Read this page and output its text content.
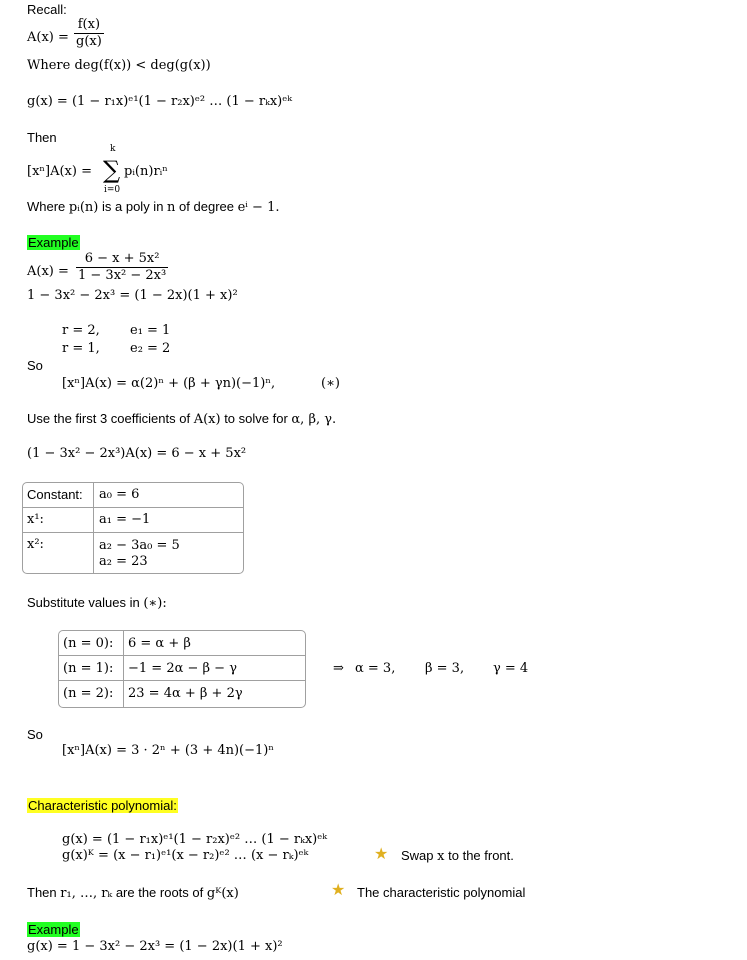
Recall:
$A(x) = \frac{f(x)}{g(x)}$
Where deg(f(x)) < deg(g(x))
g(x) = (1 − r₁x)ᵉ¹(1 − r₂x)ᵉ² … (1 − rₖx)ᵉᵏ
Then
[xⁿ]A(x) =
k
∑
i=0
pᵢ(n)rᵢⁿ
Where pᵢ(n) is a poly in n of degree eⁱ − 1.
Example
$A(x) = \frac{\text{6 − x + 5x²}}{\text{1 − 3x² − 2x³}}$
1 − 3x² − 2x³ = (1 − 2x)(1 + x)²
r = 2, e₁ = 1
r = 1, e₂ = 2
So
[xⁿ]A(x) = α(2)ⁿ + (β + γn)(−1)ⁿ,	(∗)
Use the first 3 coefficients of A(x) to solve for α, β, γ.
(1 − 3x² − 2x³)A(x) = 6 − x + 5x²
Constant: a₀ = 6
x¹:	a₁ = −1
x²:	a₂ − 3a₀ = 5
a₂ = 23
Substitute values in (∗):
(n = 0): 6 = α + β
(n = 1): −1 = 2α − β − γ
(n = 2): 23 = 4α + β + 2γ
⇒ α = 3, β = 3, γ = 4
So
[xⁿ]A(x) = 3 · 2ⁿ + (3 + 4n)(−1)ⁿ
Characteristic polynomial:
g(x) = (1 − r₁x)ᵉ¹(1 − r₂x)ᵉ² … (1 − rₖx)ᵉᵏ
g(x)ᴷ = (x − r₁)ᵉ¹(x − r₂)ᵉ² … (x − rₖ)ᵉᵏ	★ Swap x to the front.
Then r₁, …, rₖ are the roots of gᴷ(x)	★ The characteristic polynomial
Example
g(x) = 1 − 3x² − 2x³ = (1 − 2x)(1 + x)²
